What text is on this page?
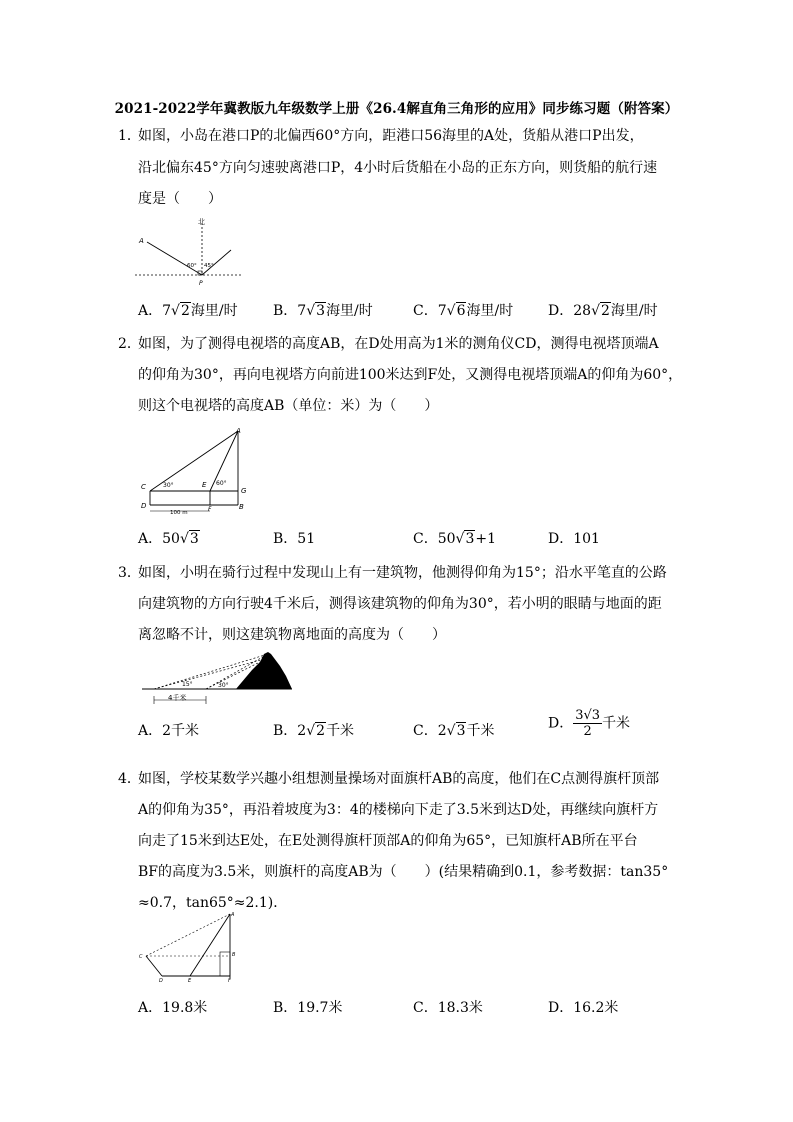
2021-2022学年冀教版九年级数学上册《26.4解直角三角形的应用》同步练习题（附答案）
1．
如图，小岛在港口P的北偏西60°方向，距港口56海里的A处，货船从港口P出发，
沿北偏东45°方向匀速驶离港口P，4小时后货船在小岛的正东方向，则货船的航行速
度是（　　）
北
A
P
60° 45°
A．7√2海里/时	B．7√3海里/时	C．7√6海里/时 D．28√2海里/时
2．
如图，为了测得电视塔的高度AB，在D处用高为1米的测角仪CD，测得电视塔顶端A
的仰角为30°，再向电视塔方向前进100米达到F处，又测得电视塔顶端A的仰角为60°，
则这个电视塔的高度AB（单位：米）为（　　）
A
C	E
G
D	F	B
30°	60°
100 m
A．50√3	B．51	C．50√3+1	D．101
3．
如图，小明在骑行过程中发现山上有一建筑物，他测得仰角为15°；沿水平笔直的公路
向建筑物的方向行驶4千米后，测得该建筑物的仰角为30°，若小明的眼睛与地面的距
离忽略不计，则这建筑物离地面的高度为（　　）
15°	30°
4千米
A．2千米	B．2√2千米	C．2√3千米	D． $\frac{3√3}{2}$ 千米
4．
如图，学校某数学兴趣小组想测量操场对面旗杆AB的高度，他们在C点测得旗杆顶部
A的仰角为35°，再沿着坡度为3：4的楼梯向下走了3.5米到达D处，再继续向旗杆方
向走了15米到达E处，在E处测得旗杆顶部A的仰角为65°，已知旗杆AB所在平台
BF的高度为3.5米，则旗杆的高度AB为（　　）(结果精确到0.1，参考数据：tan35°
≈0.7，tan65°≈2.1)．
A
C
D	E
B
F
A．19.8米	B．19.7米	C．18.3米	D．16.2米
